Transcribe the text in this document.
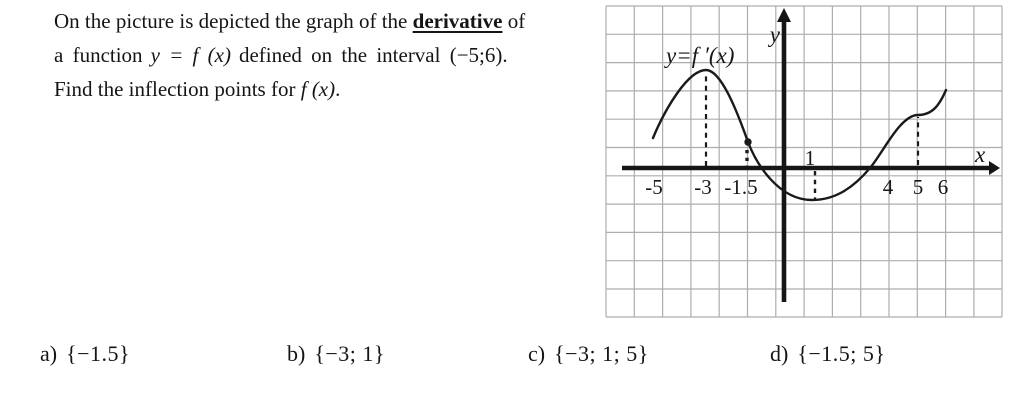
On the picture is depicted the graph of the derivative of
a function y = f (x) defined on the interval (−5;6).
Find the inflection points for f (x).
y=f ′(x)
y
x
-5 -3 -1.5
1
4 5 6
a) {−1.5}	b) {−3; 1}	c) {−3; 1; 5}	d) {−1.5; 5}
